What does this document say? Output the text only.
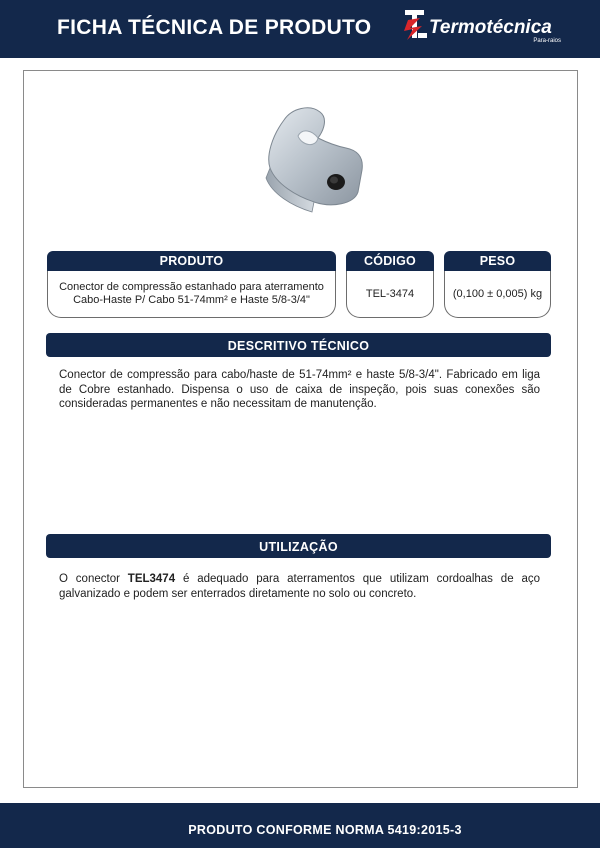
FICHA TÉCNICA DE PRODUTO	Termotécnica
Para-raios
PRODUTO
Conector de compressão estanhado para aterramento Cabo-Haste P/ Cabo 51-74mm² e Haste 5/8-3/4"
CÓDIGO
TEL-3474
PESO
(0,100 ± 0,005) kg
DESCRITIVO TÉCNICO
Conector de compressão para cabo/haste de 51-74mm² e haste 5/8-3/4". Fabricado em liga de Cobre estanhado. Dispensa o uso de caixa de inspeção, pois suas conexões são consideradas permanentes e não necessitam de manutenção.
UTILIZAÇÃO
O conector TEL3474 é adequado para aterramentos que utilizam cordoalhas de aço galvanizado e podem ser enterrados diretamente no solo ou concreto.
PRODUTO CONFORME NORMA 5419:2015-3
